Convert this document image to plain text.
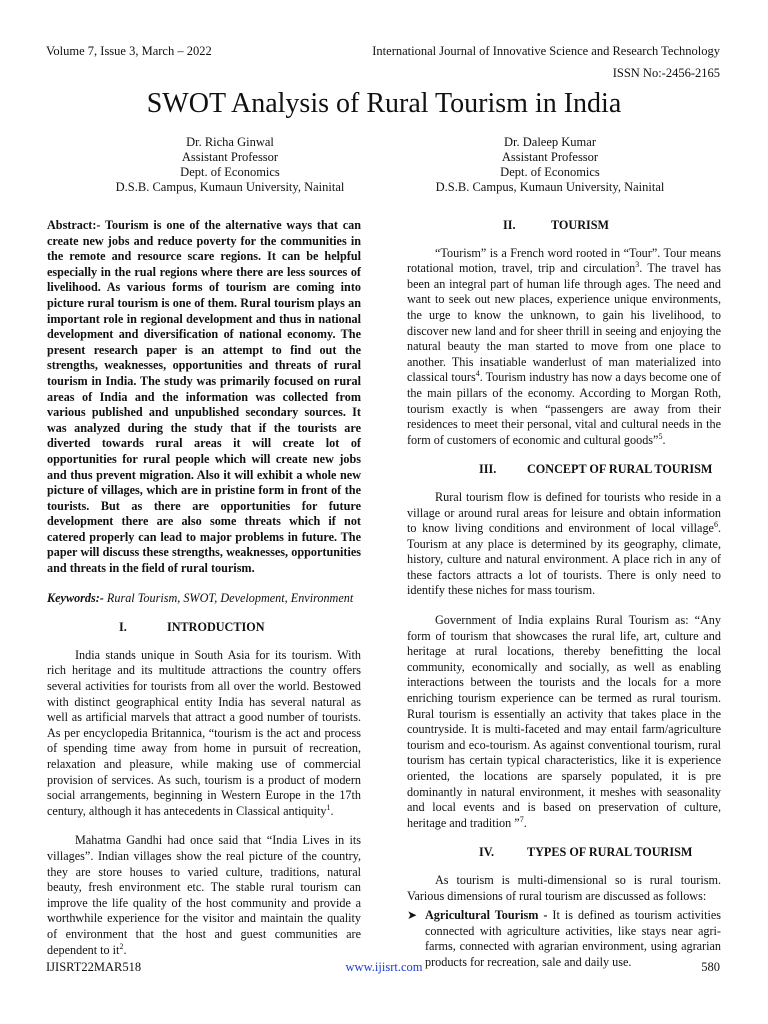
Volume 7, Issue 3, March – 2022	International Journal of Innovative Science and Research Technology
ISSN No:-2456-2165
SWOT Analysis of Rural Tourism in India
Dr. Richa Ginwal
Assistant Professor
Dept. of Economics
D.S.B. Campus, Kumaun University, Nainital
Dr. Daleep Kumar
Assistant Professor
Dept. of Economics
D.S.B. Campus, Kumaun University, Nainital

Abstract:- Tourism is one of the alternative ways that can create new jobs and reduce poverty for the communities in the remote and resource scare regions. It can be helpful especially in the rual regions where there are less sources of livelihood. As various forms of tourism are coming into picture rural tourism is one of them. Rural tourism plays an important role in regional development and thus in national development and diversification of national economy. The present research paper is an attempt to find out the strengths, weaknesses, opportunities and threats of rural tourism in India. The study was primarily focused on rural areas of India and the information was collected from various published and unpublished secondary sources. It was analyzed during the study that if the tourists are diverted towards rural areas it will create lot of opportunities for rural people which will create new jobs and thus prevent migration. Also it will exhibit a whole new picture of villages, which are in pristine form in front of the tourists. But as there are opportunities for future development there are also some threats which if not catered properly can lead to major problems in future. The paper will discuss these strengths, weaknesses, opportunities and threats in the field of rural tourism.

Keywords:- Rural Tourism, SWOT, Development, Environment

I.	INTRODUCTION

India stands unique in South Asia for its tourism. With rich heritage and its multitude attractions the country offers several activities for tourists from all over the world. Bestowed with distinct geographical entity India has several natural as well as artificial marvels that attract a good number of tourists. As per encyclopedia Britannica, “tourism is the act and process of spending time away from home in pursuit of recreation, relaxation and pleasure, while making use of commercial provision of services. As such, tourism is a product of modern social arrangements, beginning in Western Europe in the 17th century, although it has antecedents in Classical antiquity$^1$.

Mahatma Gandhi had once said that “India Lives in its villages”. Indian villages show the real picture of the country, they are store houses to varied culture, traditions, natural beauty, fresh environment etc. The stable rural tourism can improve the life quality of the host community and provide a worthwhile experience for the visitor and maintain the quality of environment that the host and guest communities are dependent to $it^2$.

II.	TOURISM

“Tourism” is a French word rooted in “Tour”. Tour means rotational motion, travel, trip and circulation$^3$. The travel has been an integral part of human life through ages. The need and want to seek out new places, experience unique environments, the urge to know the unknown, to gain his livelihood, to discover new land and for sheer thrill in seeing and enjoying the natural beauty the man started to move from one place to another. This insatiable wanderlust of man materialized into classical tours$^4$. Tourism industry has now a days become one of the main pillars of the economy. According to Morgan Roth, tourism exactly is when “passengers are away from their residences to meet their personal, vital and cultural needs in the form of customers of economic and cultural goods”$^5$.

III.	CONCEPT OF RURAL TOURISM

Rural tourism flow is defined for tourists who reside in a village or around rural areas for leisure and obtain information to know living conditions and environment of local village$^6$. Tourism at any place is determined by its geography, climate, history, culture and natural environment. A place rich in any of these factors attracts a lot of tourists. There is only need to identify these niches for mass tourism.

Government of India explains Rural Tourism as: “Any form of tourism that showcases the rural life, art, culture and heritage at rural locations, thereby benefitting the local community, economically and socially, as well as enabling interactions between the tourists and the locals for a more enriching tourism experience can be termed as rural tourism. Rural tourism is essentially an activity that takes place in the countryside. It is multi-faceted and may entail farm/agriculture tourism and eco-tourism. As against conventional tourism, rural tourism has certain typical characteristics, like it is experience oriented, the locations are sparsely populated, it is pre dominantly in natural environment, it meshes with seasonality and local events and is based on preservation of culture, heritage and tradition ”$^7$.

IV.	TYPES OF RURAL TOURISM

As tourism is multi-dimensional so is rural tourism. Various dimensions of rural tourism are discussed as follows:

➤ Agricultural Tourism - It is defined as tourism activities connected with agriculture activities, like stays near agri-farms, connected with agrarian environment, using agrarian products for recreation, sale and daily use.
IJISRT22MAR518	www.ijisrt.com	580
